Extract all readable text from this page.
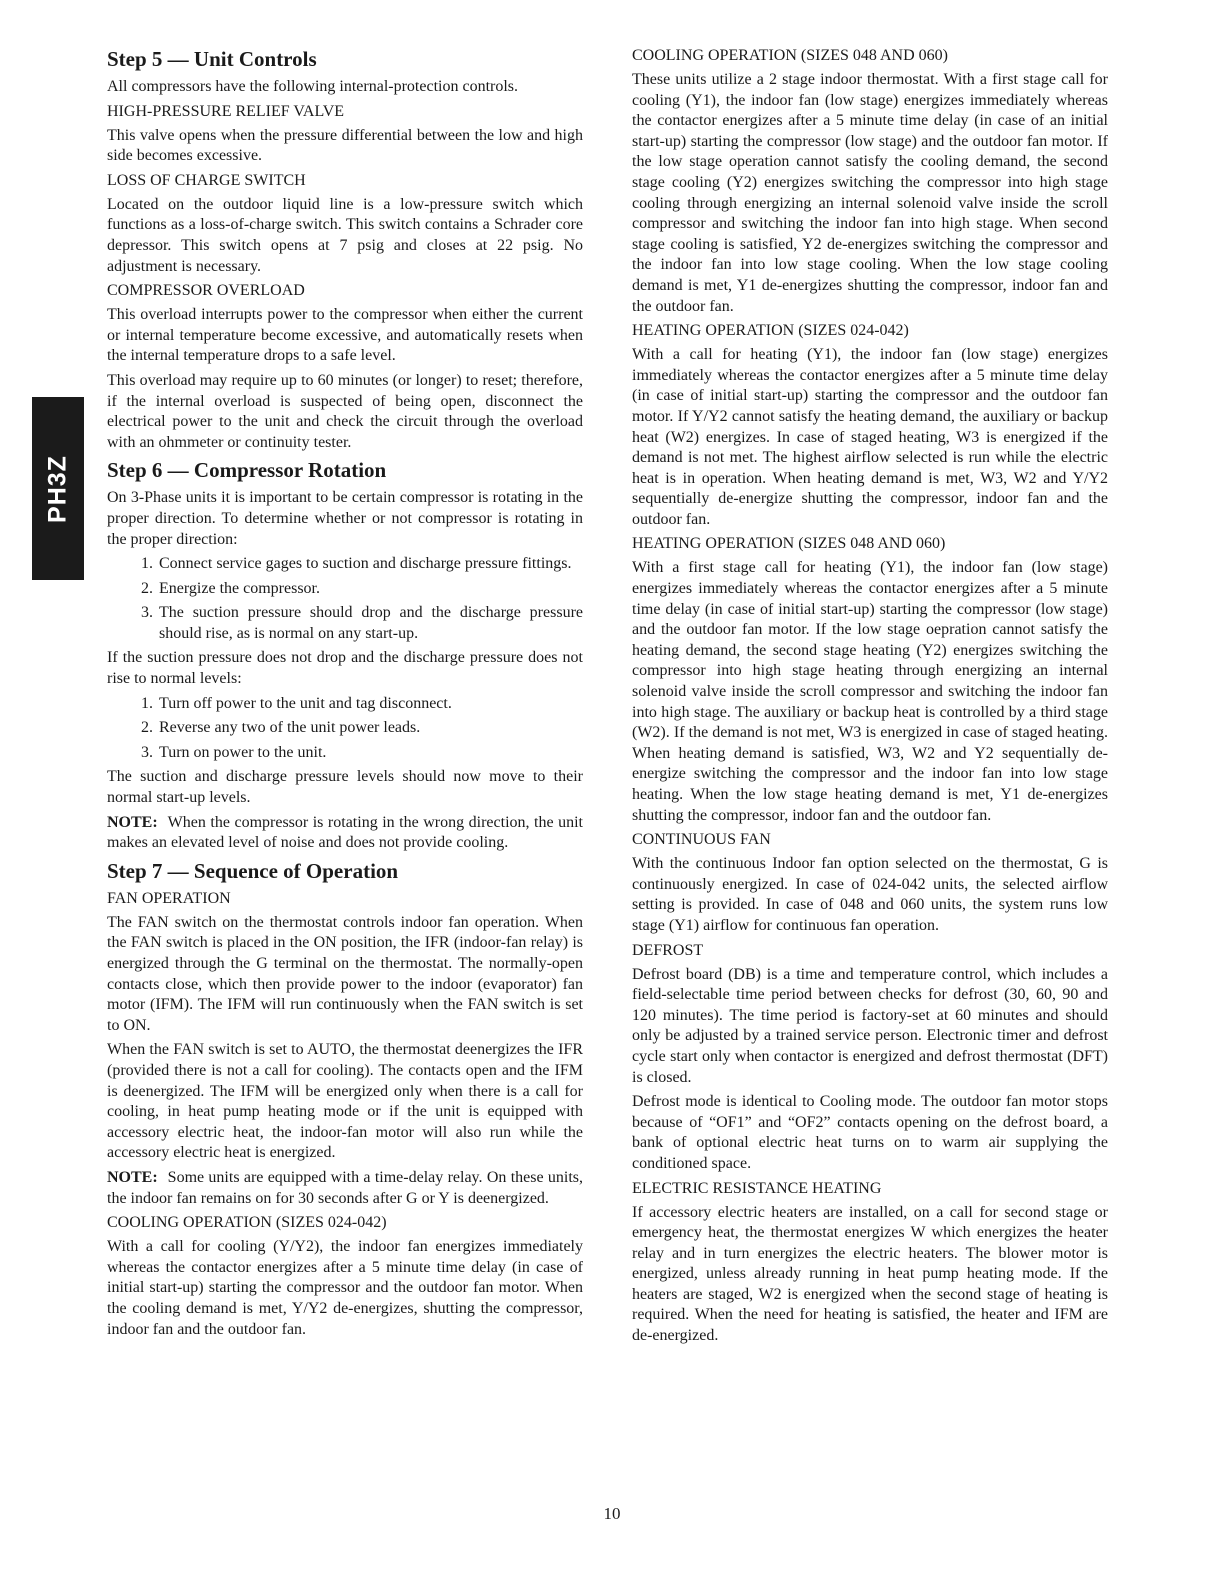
PH3Z
Step 5 — Unit Controls

All compressors have the following internal-protection controls.

HIGH-PRESSURE RELIEF VALVE

This valve opens when the pressure differential between the low and high side becomes excessive.

LOSS OF CHARGE SWITCH

Located on the outdoor liquid line is a low-pressure switch which functions as a loss-of-charge switch. This switch contains a Schrader core depressor. This switch opens at 7 psig and closes at 22 psig. No adjustment is necessary.

COMPRESSOR OVERLOAD

This overload interrupts power to the compressor when either the current or internal temperature become excessive, and automatically resets when the internal temperature drops to a safe level.

This overload may require up to 60 minutes (or longer) to reset; therefore, if the internal overload is suspected of being open, disconnect the electrical power to the unit and check the circuit through the overload with an ohmmeter or continuity tester.

Step 6 — Compressor Rotation

On 3-Phase units it is important to be certain compressor is rotating in the proper direction. To determine whether or not compressor is rotating in the proper direction:

1. Connect service gages to suction and discharge pressure fittings.
2. Energize the compressor.
3. The suction pressure should drop and the discharge pressure should rise, as is normal on any start-up.

If the suction pressure does not drop and the discharge pressure does not rise to normal levels:

1. Turn off power to the unit and tag disconnect.
2. Reverse any two of the unit power leads.
3. Turn on power to the unit.

The suction and discharge pressure levels should now move to their normal start-up levels.

NOTE: When the compressor is rotating in the wrong direction, the unit makes an elevated level of noise and does not provide cooling.

Step 7 — Sequence of Operation
FAN OPERATION

The FAN switch on the thermostat controls indoor fan operation. When the FAN switch is placed in the ON position, the IFR (indoor-fan relay) is energized through the G terminal on the thermostat. The normally-open contacts close, which then provide power to the indoor (evaporator) fan motor (IFM). The IFM will run continuously when the FAN switch is set to ON.

When the FAN switch is set to AUTO, the thermostat deenergizes the IFR (provided there is not a call for cooling). The contacts open and the IFM is deenergized. The IFM will be energized only when there is a call for cooling, in heat pump heating mode or if the unit is equipped with accessory electric heat, the indoor-fan motor will also run while the accessory electric heat is energized.

NOTE: Some units are equipped with a time-delay relay. On these units, the indoor fan remains on for 30 seconds after G or Y is deenergized.

COOLING OPERATION (SIZES 024-042)

With a call for cooling (Y/Y2), the indoor fan energizes immediately whereas the contactor energizes after a 5 minute time delay (in case of initial start-up) starting the compressor and the outdoor fan motor. When the cooling demand is met, Y/Y2 de-energizes, shutting the compressor, indoor fan and the outdoor fan.

COOLING OPERATION (SIZES 048 AND 060)

These units utilize a 2 stage indoor thermostat. With a first stage call for cooling (Y1), the indoor fan (low stage) energizes immediately whereas the contactor energizes after a 5 minute time delay (in case of an initial start-up) starting the compressor (low stage) and the outdoor fan motor. If the low stage operation cannot satisfy the cooling demand, the second stage cooling (Y2) energizes switching the compressor into high stage cooling through energizing an internal solenoid valve inside the scroll compressor and switching the indoor fan into high stage. When second stage cooling is satisfied, Y2 de-energizes switching the compressor and the indoor fan into low stage cooling. When the low stage cooling demand is met, Y1 de-energizes shutting the compressor, indoor fan and the outdoor fan.

HEATING OPERATION (SIZES 024-042)

With a call for heating (Y1), the indoor fan (low stage) energizes immediately whereas the contactor energizes after a 5 minute time delay (in case of initial start-up) starting the compressor and the outdoor fan motor. If Y/Y2 cannot satisfy the heating demand, the auxiliary or backup heat (W2) energizes. In case of staged heating, W3 is energized if the demand is not met. The highest airflow selected is run while the electric heat is in operation. When heating demand is met, W3, W2 and Y/Y2 sequentially de-energize shutting the compressor, indoor fan and the outdoor fan.

HEATING OPERATION (SIZES 048 AND 060)

With a first stage call for heating (Y1), the indoor fan (low stage) energizes immediately whereas the contactor energizes after a 5 minute time delay (in case of initial start-up) starting the compressor (low stage) and the outdoor fan motor. If the low stage oepration cannot satisfy the heating demand, the second stage heating (Y2) energizes switching the compressor into high stage heating through energizing an internal solenoid valve inside the scroll compressor and switching the indoor fan into high stage. The auxiliary or backup heat is controlled by a third stage (W2). If the demand is not met, W3 is energized in case of staged heating. When heating demand is satisfied, W3, W2 and Y2 sequentially de-energize switching the compressor and the indoor fan into low stage heating. When the low stage heating demand is met, Y1 de-energizes shutting the compressor, indoor fan and the outdoor fan.

CONTINUOUS FAN

With the continuous Indoor fan option selected on the thermostat, G is continuously energized. In case of 024-042 units, the selected airflow setting is provided. In case of 048 and 060 units, the system runs low stage (Y1) airflow for continuous fan operation.

DEFROST

Defrost board (DB) is a time and temperature control, which includes a field-selectable time period between checks for defrost (30, 60, 90 and 120 minutes). The time period is factory-set at 60 minutes and should only be adjusted by a trained service person. Electronic timer and defrost cycle start only when contactor is energized and defrost thermostat (DFT) is closed.

Defrost mode is identical to Cooling mode. The outdoor fan motor stops because of “OF1” and “OF2” contacts opening on the defrost board, a bank of optional electric heat turns on to warm air supplying the conditioned space.

ELECTRIC RESISTANCE HEATING

If accessory electric heaters are installed, on a call for second stage or emergency heat, the thermostat energizes W which energizes the heater relay and in turn energizes the electric heaters. The blower motor is energized, unless already running in heat pump heating mode. If the heaters are staged, W2 is energized when the second stage of heating is required. When the need for heating is satisfied, the heater and IFM are de-energized.

10
